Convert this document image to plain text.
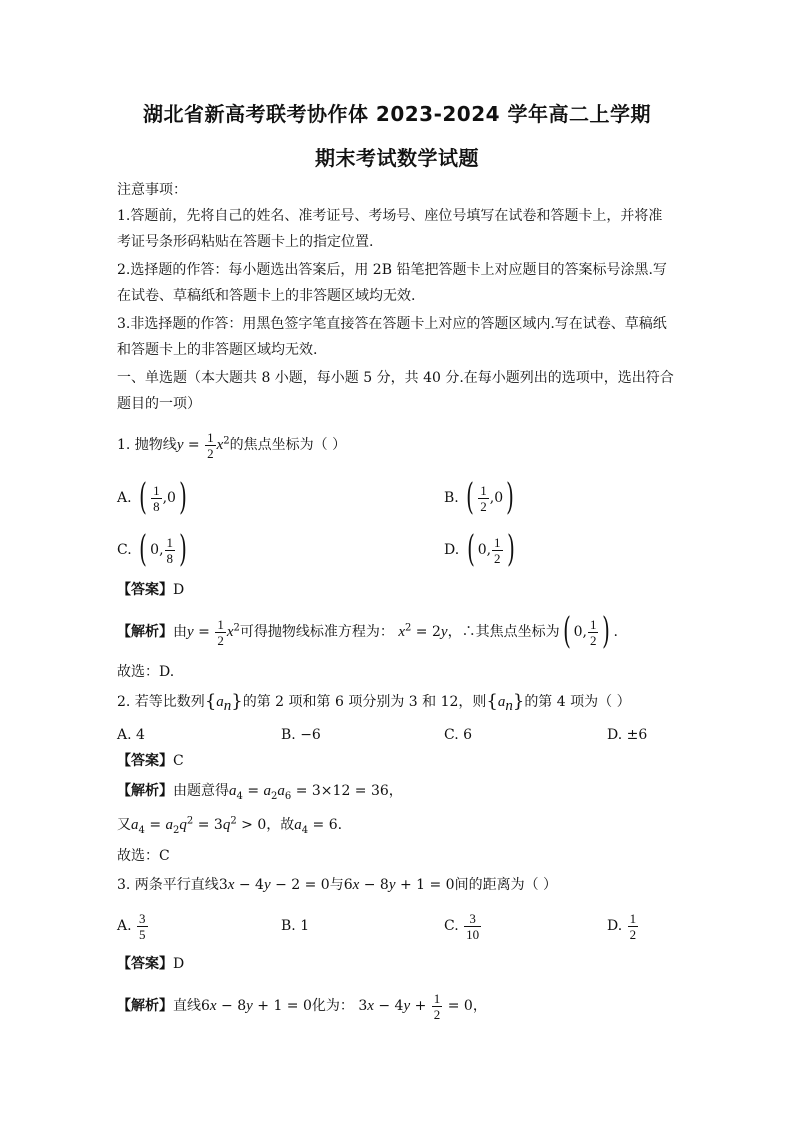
湖北省新高考联考协作体 2023-2024 学年高二上学期
期末考试数学试题
注意事项：
1.答题前，先将自己的姓名、准考证号、考场号、座位号填写在试卷和答题卡上，并将准
考证号条形码粘贴在答题卡上的指定位置.
2.选择题的作答：每小题选出答案后，用 2B 铅笔把答题卡上对应题目的答案标号涂黑.写
在试卷、草稿纸和答题卡上的非答题区域均无效.
3.非选择题的作答：用黑色签字笔直接答在答题卡上对应的答题区域内.写在试卷、草稿纸
和答题卡上的非答题区域均无效.
一、单选题（本大题共 8 小题，每小题 5 分，共 40 分.在每小题列出的选项中，选出符合
题目的一项）
1. 抛物线$y = \frac{1}{2} x^2$的焦点坐标为（ ）
A. ( $\frac{1}{8} ,0$)	B. ( $\frac{1}{2} ,0$)
C. ( 0, $\frac{1}{8}$ )	D. ( 0, $\frac{1}{2}$ )
【答案】D
【解析】由$y = \frac{1}{2} x^2$可得抛物线标准方程为： $x^2 = 2y$，∴其焦点坐标为( 0, $\frac{1}{2}$ ) .
故选：D.
2. 若等比数列$\{a_n\}$的第 2 项和第 6 项分别为 3 和 12，则$\{a_n\}$的第 4 项为（ ）
A. 4	B. −6	C. 6	D. ±6
【答案】C
【解析】由题意得$a_4 = a_2a_6 = 3\times 12 = 36$，
又$a_4 = a_2q^2 = 3q^2 > 0$，故$a_4 = 6$.
故选：C
3. 两条平行直线3x − 4y − 2 = 0与6x − 8y + 1 = 0间的距离为（ ）
A. $\frac{3}{5}$	B. 1	C. $\frac{3}{10}$	D. $\frac{1}{2}$
【答案】D
【解析】直线6x − 8y + 1 = 0化为： $3x - 4y + \frac{1}{2} = 0$，
